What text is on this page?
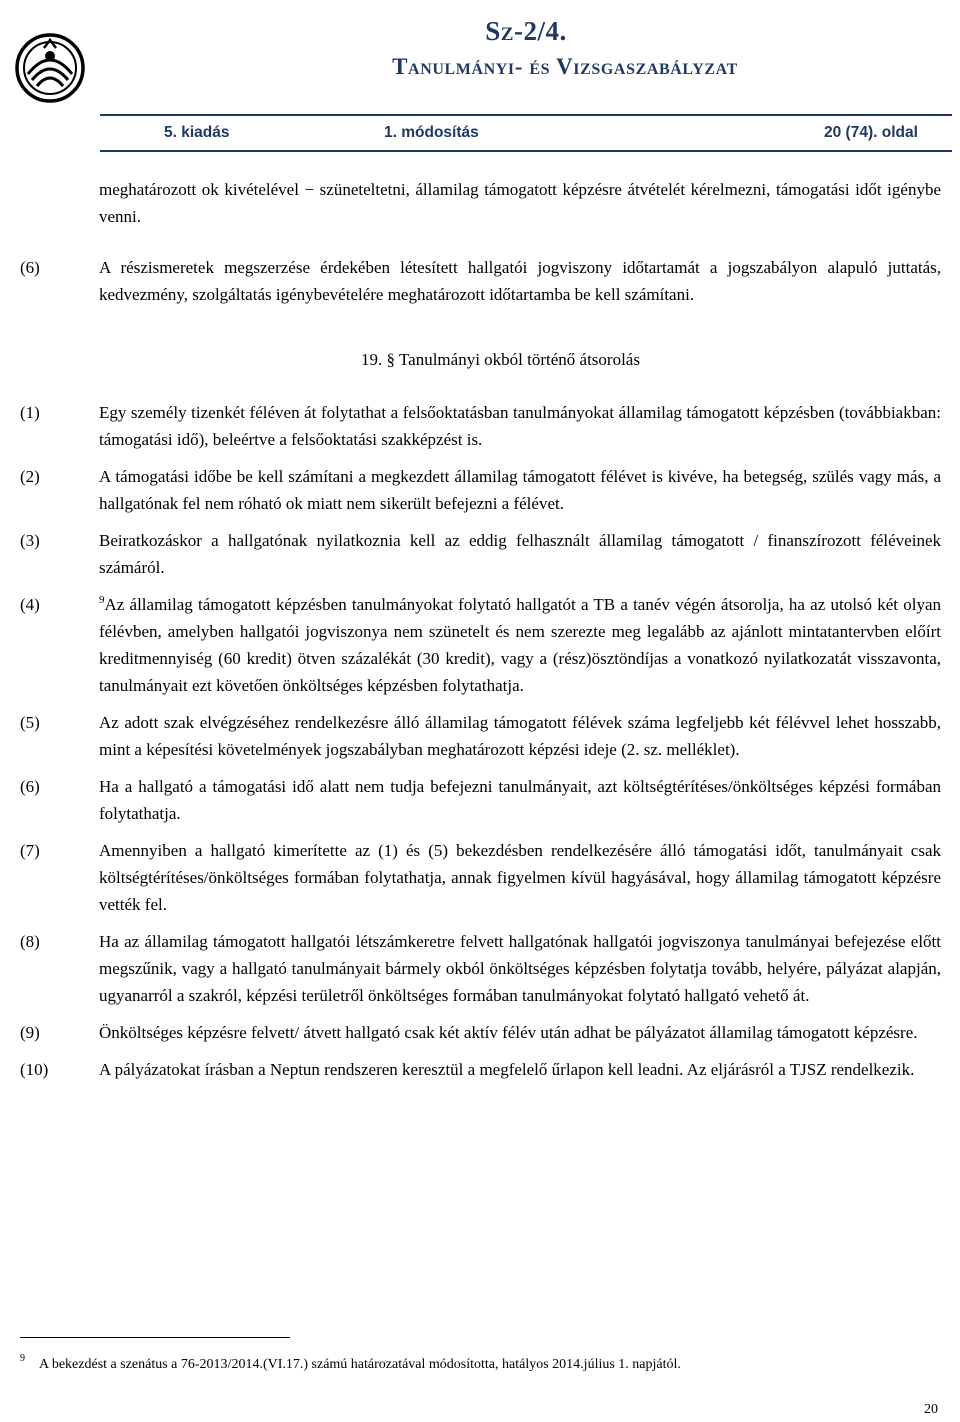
Sz-2/4.
Tanulmányi- és Vizsgaszabályzat
5. kiadás	1. módosítás	20 (74). oldal
meghatározott ok kivételével − szüneteltetni, államilag támogatott képzésre átvételét kérelmezni, támogatási időt igénybe venni.
(6)	A részismeretek megszerzése érdekében létesített hallgatói jogviszony időtartamát a jogszabályon alapuló juttatás, kedvezmény, szolgáltatás igénybevételére meghatározott időtartamba be kell számítani.
19. § Tanulmányi okból történő átsorolás
(1)	Egy személy tizenkét féléven át folytathat a felsőoktatásban tanulmányokat államilag támogatott képzésben (továbbiakban: támogatási idő), beleértve a felsőoktatási szakképzést is.
(2)	A támogatási időbe be kell számítani a megkezdett államilag támogatott félévet is kivéve, ha betegség, szülés vagy más, a hallgatónak fel nem róható ok miatt nem sikerült befejezni a félévet.
(3)	Beiratkozáskor a hallgatónak nyilatkoznia kell az eddig felhasznált államilag támogatott / finanszírozott féléveinek számáról.
(4)	$^9$Az államilag támogatott képzésben tanulmányokat folytató hallgatót a TB a tanév végén átsorolja, ha az utolsó két olyan félévben, amelyben hallgatói jogviszonya nem szünetelt és nem szerezte meg legalább az ajánlott mintatantervben előírt kreditmennyiség (60 kredit) ötven százalékát (30 kredit), vagy a (rész)ösztöndíjas a vonatkozó nyilatkozatát visszavonta, tanulmányait ezt követően önköltséges képzésben folytathatja.
(5)	Az adott szak elvégzéséhez rendelkezésre álló államilag támogatott félévek száma legfeljebb két félévvel lehet hosszabb, mint a képesítési követelmények jogszabályban meghatározott képzési ideje (2. sz. melléklet).
(6)	Ha a hallgató a támogatási idő alatt nem tudja befejezni tanulmányait, azt költségtérítéses/önköltséges képzési formában folytathatja.
(7)	Amennyiben a hallgató kimerítette az (1) és (5) bekezdésben rendelkezésére álló támogatási időt, tanulmányait csak költségtérítéses/önköltséges formában folytathatja, annak figyelmen kívül hagyásával, hogy államilag támogatott képzésre vették fel.
(8)	Ha az államilag támogatott hallgatói létszámkeretre felvett hallgatónak hallgatói jogviszonya tanulmányai befejezése előtt megszűnik, vagy a hallgató tanulmányait bármely okból önköltséges képzésben folytatja tovább, helyére, pályázat alapján, ugyanarról a szakról, képzési területről önköltséges formában tanulmányokat folytató hallgató vehető át.
(9)	Önköltséges képzésre felvett/ átvett hallgató csak két aktív félév után adhat be pályázatot államilag támogatott képzésre.
(10)	A pályázatokat írásban a Neptun rendszeren keresztül a megfelelő űrlapon kell leadni. Az eljárásról a TJSZ rendelkezik.
$^9$ A bekezdést a szenátus a 76-2013/2014.(VI.17.) számú határozatával módosította, hatályos 2014.július 1. napjától.
20
